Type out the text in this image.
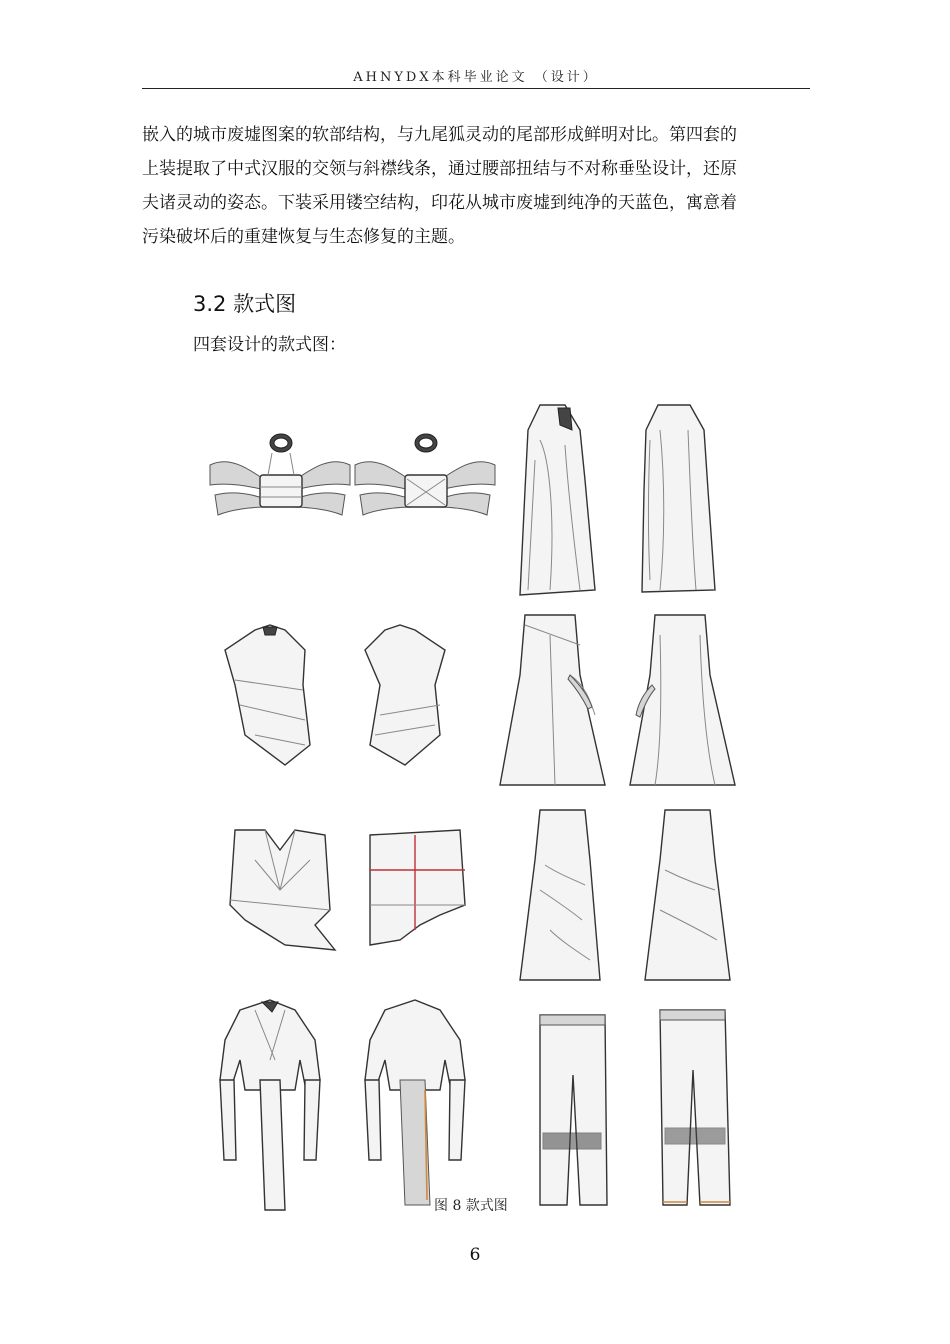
AHNYDX本科毕业论文 （设计）

嵌入的城市废墟图案的软部结构，与九尾狐灵动的尾部形成鲜明对比。第四套的

上装提取了中式汉服的交领与斜襟线条，通过腰部扭结与不对称垂坠设计，还原

夫诸灵动的姿态。下装采用镂空结构，印花从城市废墟到纯净的天蓝色，寓意着

污染破坏后的重建恢复与生态修复的主题。

3.2 款式图
四套设计的款式图：
图 8 款式图
6
